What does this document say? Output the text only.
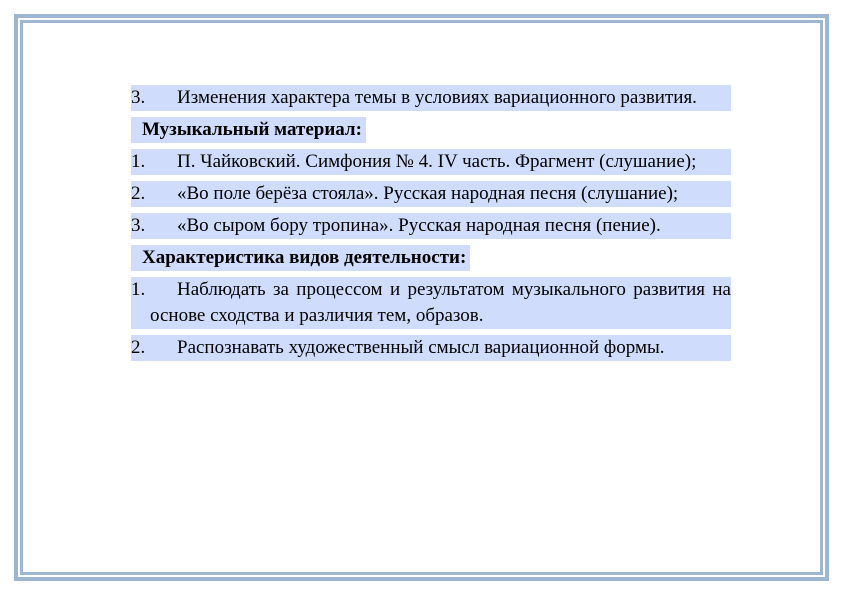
3. Изменения характера темы в условиях вариационного развития.
Музыкальный материал:
1. П. Чайковский. Симфония № 4. IV часть. Фрагмент (слушание);
2. «Во поле берёза стояла». Русская народная песня (слушание);
3. «Во сыром бору тропина». Русская народная песня (пение).
Характеристика видов деятельности:
1. Наблюдать за процессом и результатом музыкального развития на основе сходства и различия тем, образов.
2. Распознавать художественный смысл вариационной формы.
